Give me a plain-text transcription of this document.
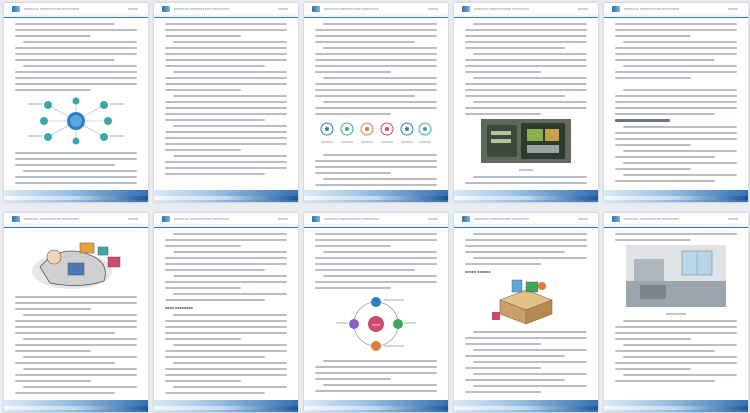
xxxxxxx xxxxxxxxxx xxxxxxxx	xxxxx	xxxxxxx xxxxxxxxxx xxxxxxxx	xxxxx	xxxxxxx xxxxxxxxxx xxxxxxxx	xxxxx	xxxxxxx xxxxxxxxxx xxxxxxxx	xxxxx
xxxxxxx
xxxxxxx xxxxxxxxxx xxxxxxxx	xxxxx
xxxxxxx xxxxxxxxxx xxxxxxxx	xxxxx	xxxxxxx xxxxxxxxxx xxxxxxxx	xxxxx
xxxx xxxxxxxx
xxxxxxx xxxxxxxxxx xxxxxxxx	xxxxx
xxxx
xxxxxxx xxxxxxxxxx xxxxxxxx	xxxxx
xxxxx xxxxxx
xxxxxxx xxxxxxxxxx xxxxxxxx	xxxxx
xxxxxxxxxx
